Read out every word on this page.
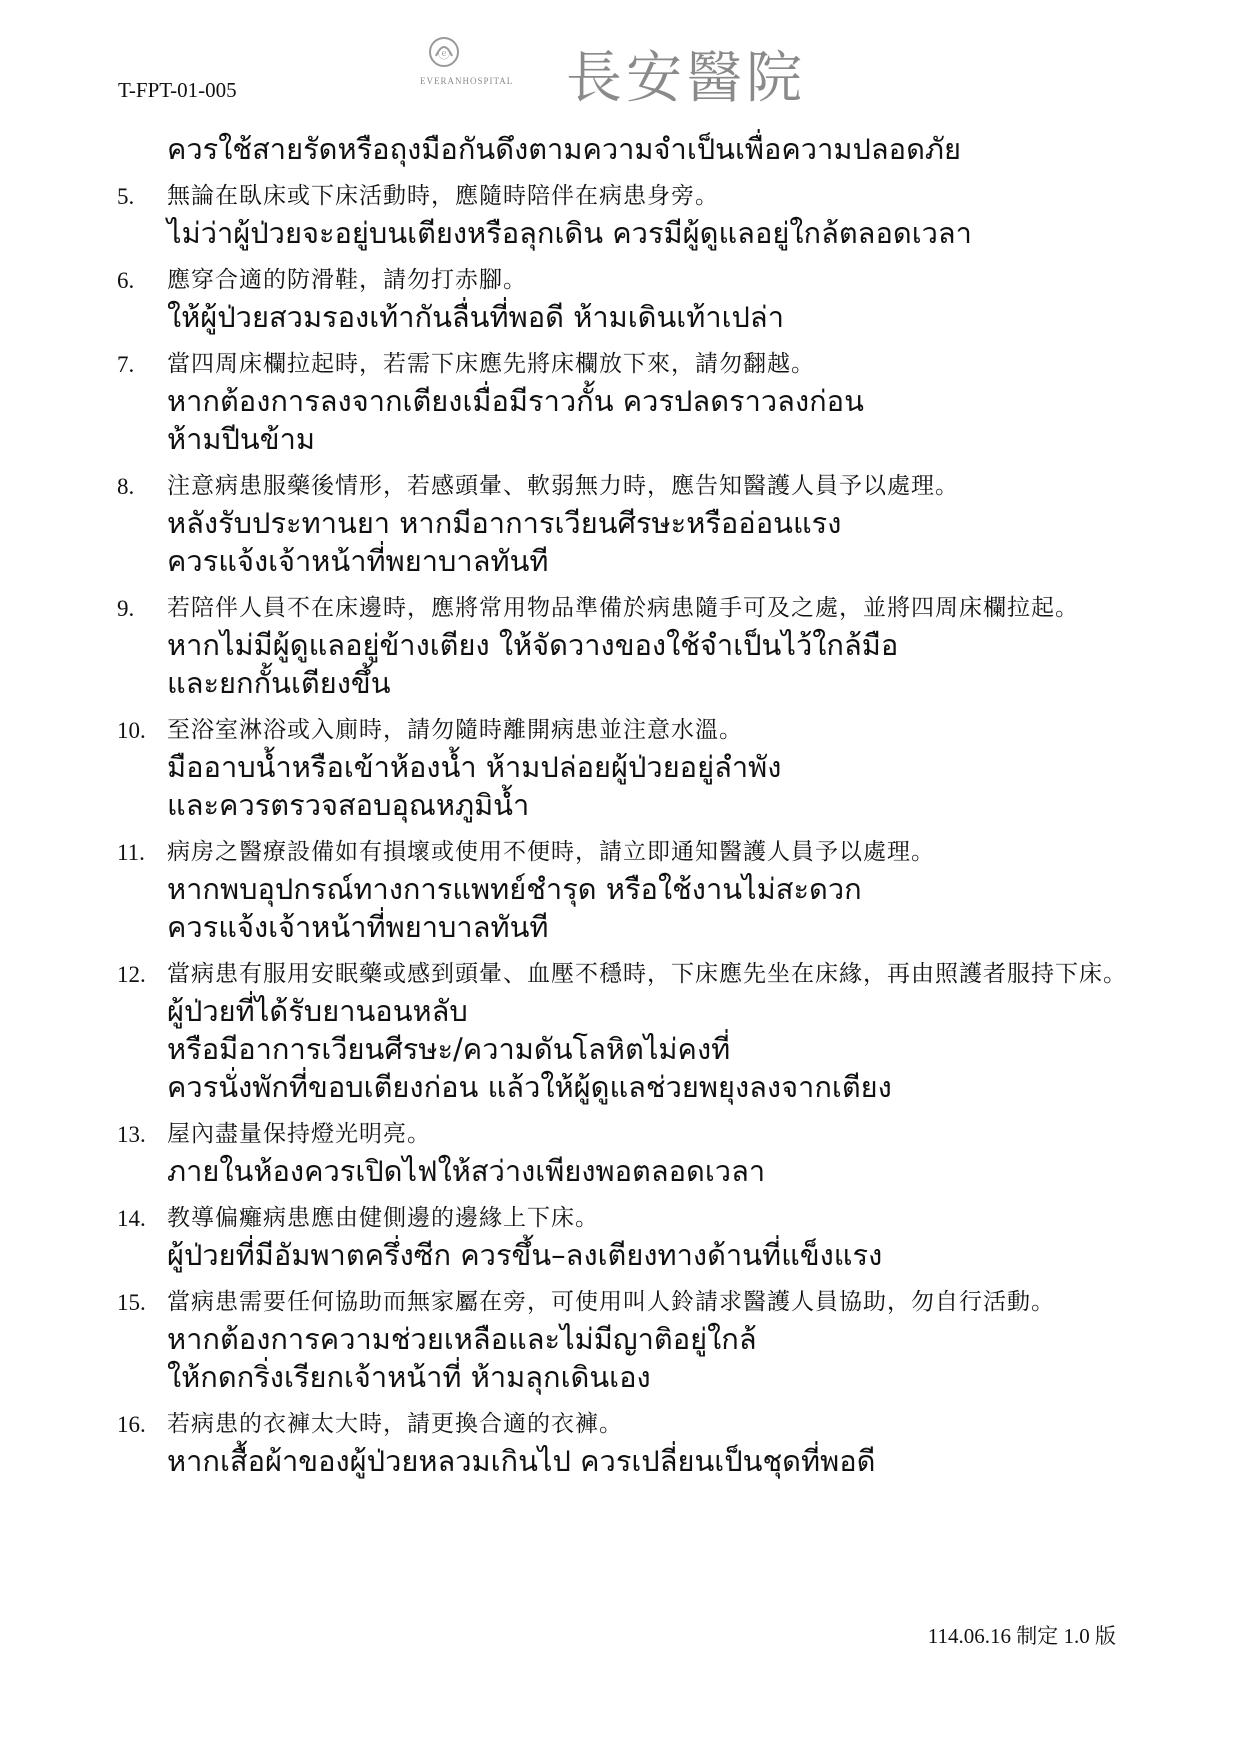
T-FPT-01-005
ⓔ
EVERANHOSPITAL 長安醫院
ควรใช้สายรัดหรือถุงมือกันดึงตามความจำเป็นเพื่อความปลอดภัย
5. 無論在臥床或下床活動時，應隨時陪伴在病患身旁。
ไม่ว่าผู้ป่วยจะอยู่บนเตียงหรือลุกเดิน ควรมีผู้ดูแลอยู่ใกล้ตลอดเวลา
6. 應穿合適的防滑鞋，請勿打赤腳。
ให้ผู้ป่วยสวมรองเท้ากันลื่นที่พอดี ห้ามเดินเท้าเปล่า
7. 當四周床欄拉起時，若需下床應先將床欄放下來，請勿翻越。
หากต้องการลงจากเตียงเมื่อมีราวกั้น ควรปลดราวลงก่อน
ห้ามปีนข้าม
8. 注意病患服藥後情形，若感頭暈、軟弱無力時，應告知醫護人員予以處理。
หลังรับประทานยา หากมีอาการเวียนศีรษะหรืออ่อนแรง
ควรแจ้งเจ้าหน้าที่พยาบาลทันที
9. 若陪伴人員不在床邊時，應將常用物品準備於病患隨手可及之處，並將四周床欄拉起。
หากไม่มีผู้ดูแลอยู่ข้างเตียง ให้จัดวางของใช้จำเป็นไว้ใกล้มือ
และยกกั้นเตียงขึ้น
10. 至浴室淋浴或入廁時，請勿隨時離開病患並注意水溫。
มืออาบน้ำหรือเข้าห้องน้ำ ห้ามปล่อยผู้ป่วยอยู่ลำพัง
และควรตรวจสอบอุณหภูมิน้ำ
11. 病房之醫療設備如有損壞或使用不便時，請立即通知醫護人員予以處理。
หากพบอุปกรณ์ทางการแพทย์ชำรุด หรือใช้งานไม่สะดวก
ควรแจ้งเจ้าหน้าที่พยาบาลทันที
12. 當病患有服用安眠藥或感到頭暈、血壓不穩時，下床應先坐在床緣，再由照護者服持下床。
ผู้ป่วยที่ได้รับยานอนหลับ
หรือมีอาการเวียนศีรษะ/ความดันโลหิตไม่คงที่
ควรนั่งพักที่ขอบเตียงก่อน แล้วให้ผู้ดูแลช่วยพยุงลงจากเตียง
13. 屋內盡量保持燈光明亮。
ภายในห้องควรเปิดไฟให้สว่างเพียงพอตลอดเวลา
14. 教導偏癱病患應由健側邊的邊緣上下床。
ผู้ป่วยที่มีอัมพาตครึ่งซีก ควรขึ้น–ลงเตียงทางด้านที่แข็งแรง
15. 當病患需要任何協助而無家屬在旁，可使用叫人鈴請求醫護人員協助，勿自行活動。
หากต้องการความช่วยเหลือและไม่มีญาติอยู่ใกล้
ให้กดกริ่งเรียกเจ้าหน้าที่ ห้ามลุกเดินเอง
16. 若病患的衣褲太大時，請更換合適的衣褲。
หากเสื้อผ้าของผู้ป่วยหลวมเกินไป ควรเปลี่ยนเป็นชุดที่พอดี
114.06.16 制定 1.0 版
